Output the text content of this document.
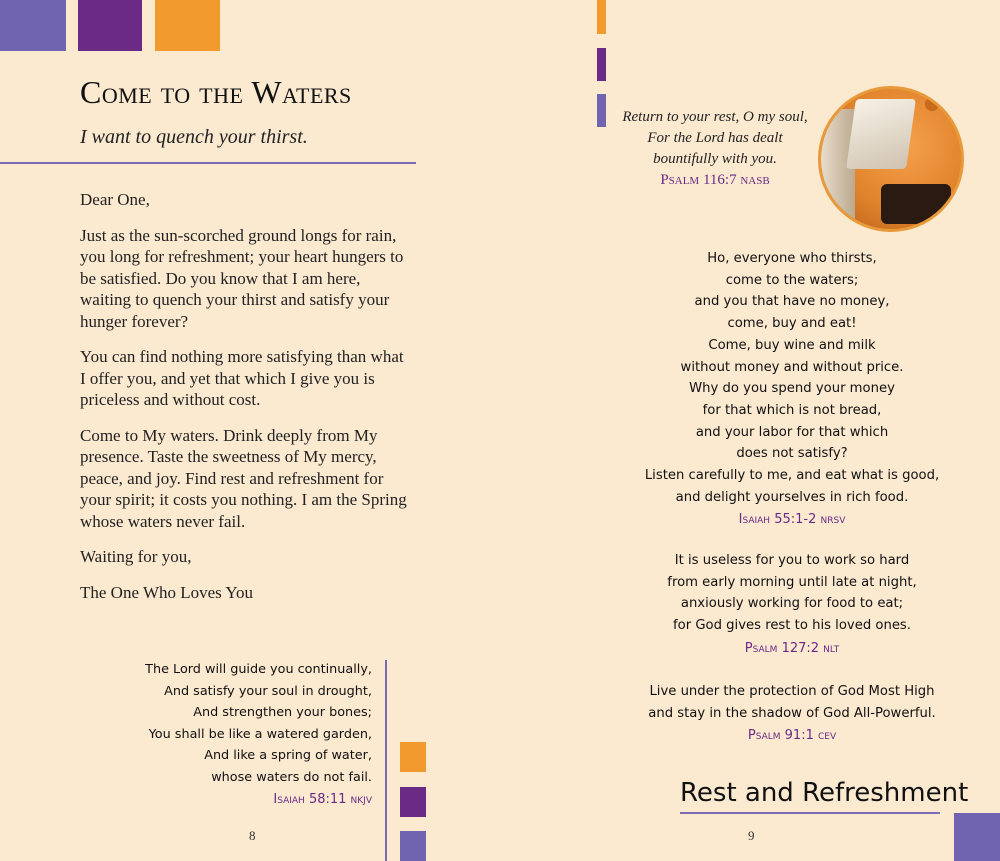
Come to the Waters
I want to quench your thirst.

Dear One,

Just as the sun-scorched ground longs for rain, you long for refreshment; your heart hungers to be satisfied. Do you know that I am here, waiting to quench your thirst and satisfy your hunger forever?

You can find nothing more satisfying than what I offer you, and yet that which I give you is priceless and without cost.

Come to My waters. Drink deeply from My presence. Taste the sweetness of My mercy, peace, and joy. Find rest and refreshment for your spirit; it costs you nothing. I am the Spring whose waters never fail.

Waiting for you,

The One Who Loves You

The Lord will guide you continually,
And satisfy your soul in drought,
And strengthen your bones;
You shall be like a watered garden,
And like a spring of water,
whose waters do not fail.
Isaiah 58:11 nkjv
8
Return to your rest, O my soul,
For the Lord has dealt
bountifully with you.
Psalm 116:7 nasb
Ho, everyone who thirsts,
come to the waters;
and you that have no money,
come, buy and eat!
Come, buy wine and milk
without money and without price.
Why do you spend your money
for that which is not bread,
and your labor for that which
does not satisfy?
Listen carefully to me, and eat what is good,
and delight yourselves in rich food.
Isaiah 55:1-2 nrsv
It is useless for you to work so hard
from early morning until late at night,
anxiously working for food to eat;
for God gives rest to his loved ones.
Psalm 127:2 nlt
Live under the protection of God Most High
and stay in the shadow of God All-Powerful.
Psalm 91:1 cev
Rest and Refreshment
9
